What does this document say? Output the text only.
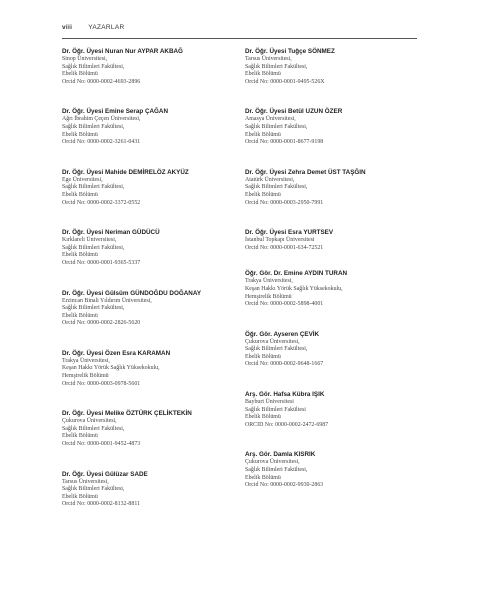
viii YAZARLAR
Dr. Öğr. Üyesi Nuran Nur AYPAR AKBAĞ
Sinop Üniversitesi,
Sağlık Bilimleri Fakültesi,
Ebelik Bölümü
Orcid No: 0000-0002-4693-2896
Dr. Öğr. Üyesi Emine Serap ÇAĞAN
Ağrı İbrahim Çeçen Üniversitesi,
Sağlık Bilimleri Fakültesi,
Ebelik Bölümü
Orcid No: 0000-0002-3261-0431
Dr. Öğr. Üyesi Mahide DEMİRELÖZ AKYÜZ
Ege Üniversitesi,
Sağlık Bilimleri Fakültesi,
Ebelik Bölümü
Orcid No: 0000-0002-3372-0552
Dr. Öğr. Üyesi Neriman GÜDÜCÜ
Kırklareli Üniversitesi,
Sağlık Bilimleri Fakültesi,
Ebelik Bölümü
Orcid No: 0000-0001-9365-5337
Dr. Öğr. Üyesi Gülsüm GÜNDOĞDU DOĞANAY
Erzincan Binali Yıldırım Üniversitesi,
Sağlık Bilimleri Fakültesi,
Ebelik Bölümü
Orcid No: 0000-0002-2826-5620
Dr. Öğr. Üyesi Özen Esra KARAMAN
Trakya Üniversitesi,
Keşan Hakkı Yörük Sağlık Yüksekokulu,
Hemşirelik Bölümü
Orcid No: 0000-0003-0978-5601
Dr. Öğr. Üyesi Melike ÖZTÜRK ÇELİKTEKİN
Çukurova Üniversitesi,
Sağlık Bilimleri Fakültesi,
Ebelik Bölümü
Orcid No: 0000-0001-9452-4873
Dr. Öğr. Üyesi Gülüzar SADE
Tarsus Üniversitesi,
Sağlık Bilimleri Fakültesi,
Ebelik Bölümü
Orcid No: 0000-0002-8132-8811
Dr. Öğr. Üyesi Tuğçe SÖNMEZ
Tarsus Üniversitesi,
Sağlık Bilimleri Fakültesi,
Ebelik Bölümü
Orcid No: 0000-0001-9495-526X
Dr. Öğr. Üyesi Betül UZUN ÖZER
Amasya Üniversitesi,
Sağlık Bilimleri Fakültesi,
Ebelik Bölümü
Orcid No: 0000-0001-8677-9198
Dr. Öğr. Üyesi Zehra Demet ÜST TAŞĞIN
Atatürk Üniversitesi,
Sağlık Bilimleri Fakültesi,
Ebelik Bölümü
Orcid No: 0000-0003-2950-7991
Dr. Öğr. Üyesi Esra YURTSEV
İstanbul Topkapı Üniversitesi
Orcid No: 0000-0001-634-72521
Öğr. Gör. Dr. Emine AYDIN TURAN
Trakya Üniversitesi,
Keşan Hakkı Yörük Sağlık Yüksekokulu,
Hemşirelik Bölümü
Orcid No: 0000-0002-5898-4001
Öğr. Gör. Ayseren ÇEVİK
Çukurova Üniversitesi,
Sağlık Bilimleri Fakültesi,
Ebelik Bölümü
Orcid No: 0000-0002-9648-1667
Arş. Gör. Hafsa Kübra IŞIK
Bayburt Üniversitesi
Sağlık Bilimleri Fakültesi
Ebelik Bölümü
ORCID No: 0000-0002-2472-6987
Arş. Gör. Damla KISRIK
Çukurova Üniversitesi,
Sağlık Bilimleri Fakültesi,
Ebelik Bölümü
Orcid No: 0000-0002-9930-2863
